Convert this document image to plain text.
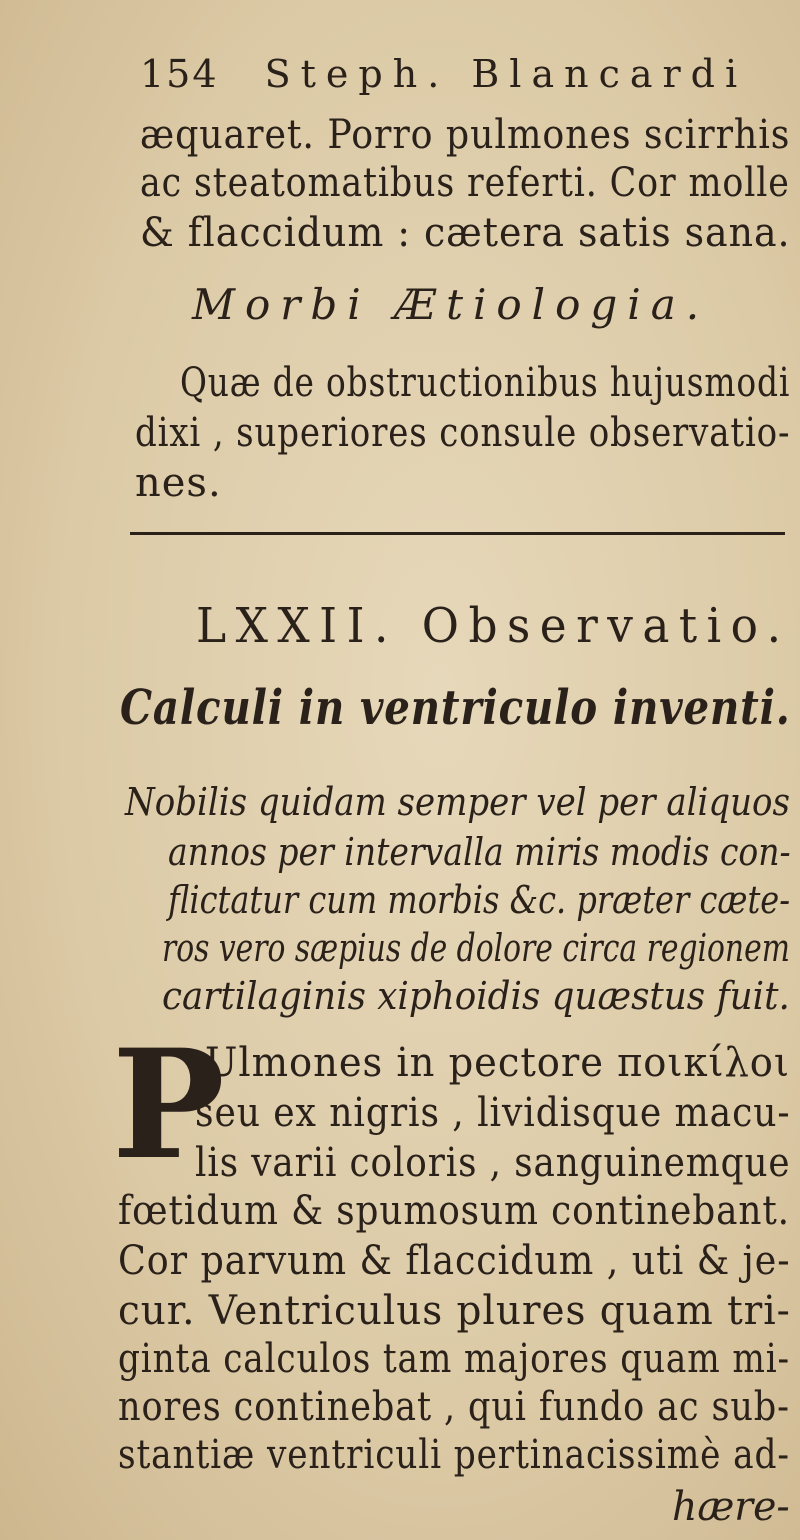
154 Steph. Blancardi
æquaret. Porro pulmones scirrhis
ac steatomatibus referti. Cor molle
& flaccidum : cætera satis sana.
Morbi Ætiologia.
Quæ de obstructionibus hujusmodi
dixi , superiores consule observatio-
nes.
LXXII. Observatio.
Calculi in ventriculo inventi.
Nobilis quidam semper vel per aliquos
annos per intervalla miris modis con-
flictatur cum morbis &c. præter cæte-
ros vero sæpius de dolore circa regionem
cartilaginis xiphoidis quæstus fuit.
P
Ulmones in pectore ποικίλοι
seu ex nigris , lividisque macu-
lis varii coloris , sanguinemque
fœtidum & spumosum continebant.
Cor parvum & flaccidum , uti & je-
cur. Ventriculus plures quam tri-
ginta calculos tam majores quam mi-
nores continebat , qui fundo ac sub-
stantiæ ventriculi pertinacissimè ad-
hære-
